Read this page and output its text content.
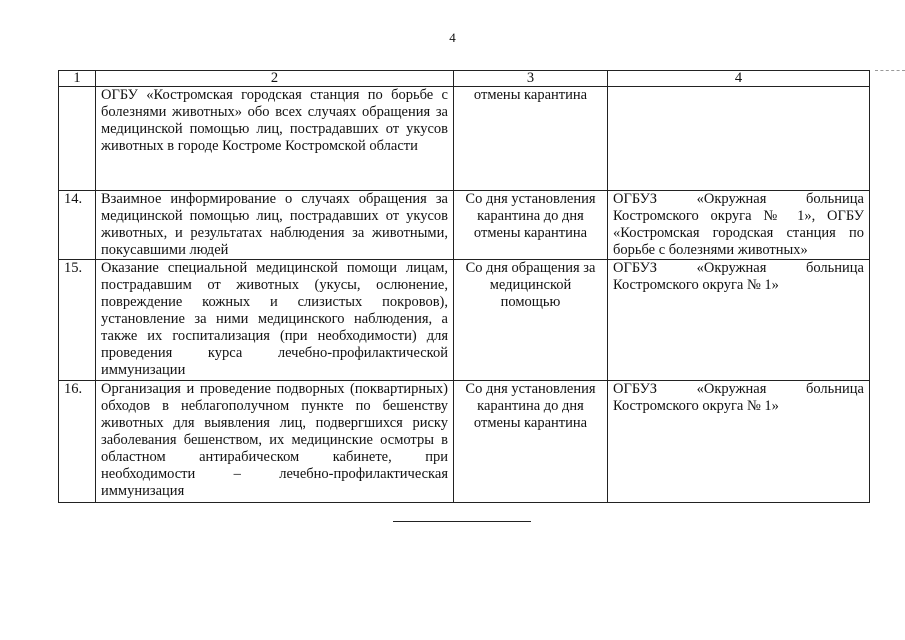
4
1	2	3	4
	ОГБУ «Костромская городская станция по борьбе с болезнями животных» обо всех случаях обращения за медицинской помощью лиц, пострадавших от укусов животных в городе Костроме Костромской области	отмены карантина	
14.	Взаимное информирование о случаях обращения за медицинской помощью лиц, пострадавших от укусов животных, и результатах наблюдения за животными, покусавшими людей	Со дня установления карантина до дня отмены карантина	ОГБУЗ «Окружная больница Костромского округа № 1», ОГБУ «Костромская городская станция по борьбе с болезнями животных»
15.	Оказание специальной медицинской помощи лицам, пострадавшим от животных (укусы, ослюнение, повреждение кожных и слизистых покровов), установление за ними медицинского наблюдения, а также их госпитализация (при необходимости) для проведения курса лечебно-профилактической иммунизации	Со дня обращения за медицинской помощью	ОГБУЗ «Окружная больница Костромского округа № 1»
16.	Организация и проведение подворных (поквартирных) обходов в неблагополучном пункте по бешенству животных для выявления лиц, подвергшихся риску заболевания бешенством, их медицинские осмотры в областном антирабическом кабинете, при необходимости – лечебно-профилактическая иммунизация	Со дня установления карантина до дня отмены карантина	ОГБУЗ «Окружная больница Костромского округа № 1»
